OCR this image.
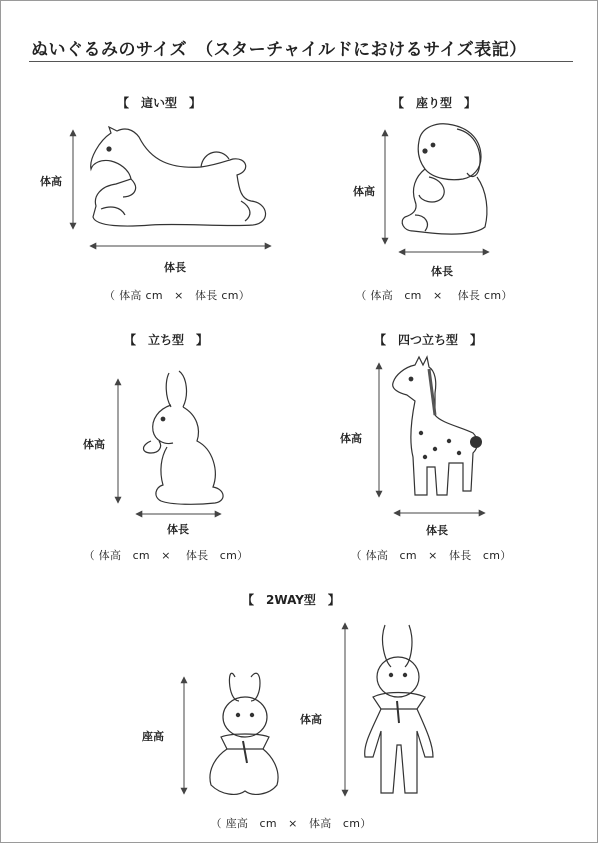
ぬいぐるみのサイズ　（スターチャイルドにおけるサイズ表記）
【　這い型　】
体高
体長
（ 体高 cm　×　体長 cm）
【　座り型　】
体高
体長
（ 体高　cm　×　 体長 cm）
【　立ち型　】
体高
体長
（ 体高　cm　×　 体長　cm）
【　四つ立ち型　】
体高
体長
（ 体高　cm　×　体長　cm）
【　2WAY型　】
座高
体高
（ 座高　cm　×　体高　cm）
